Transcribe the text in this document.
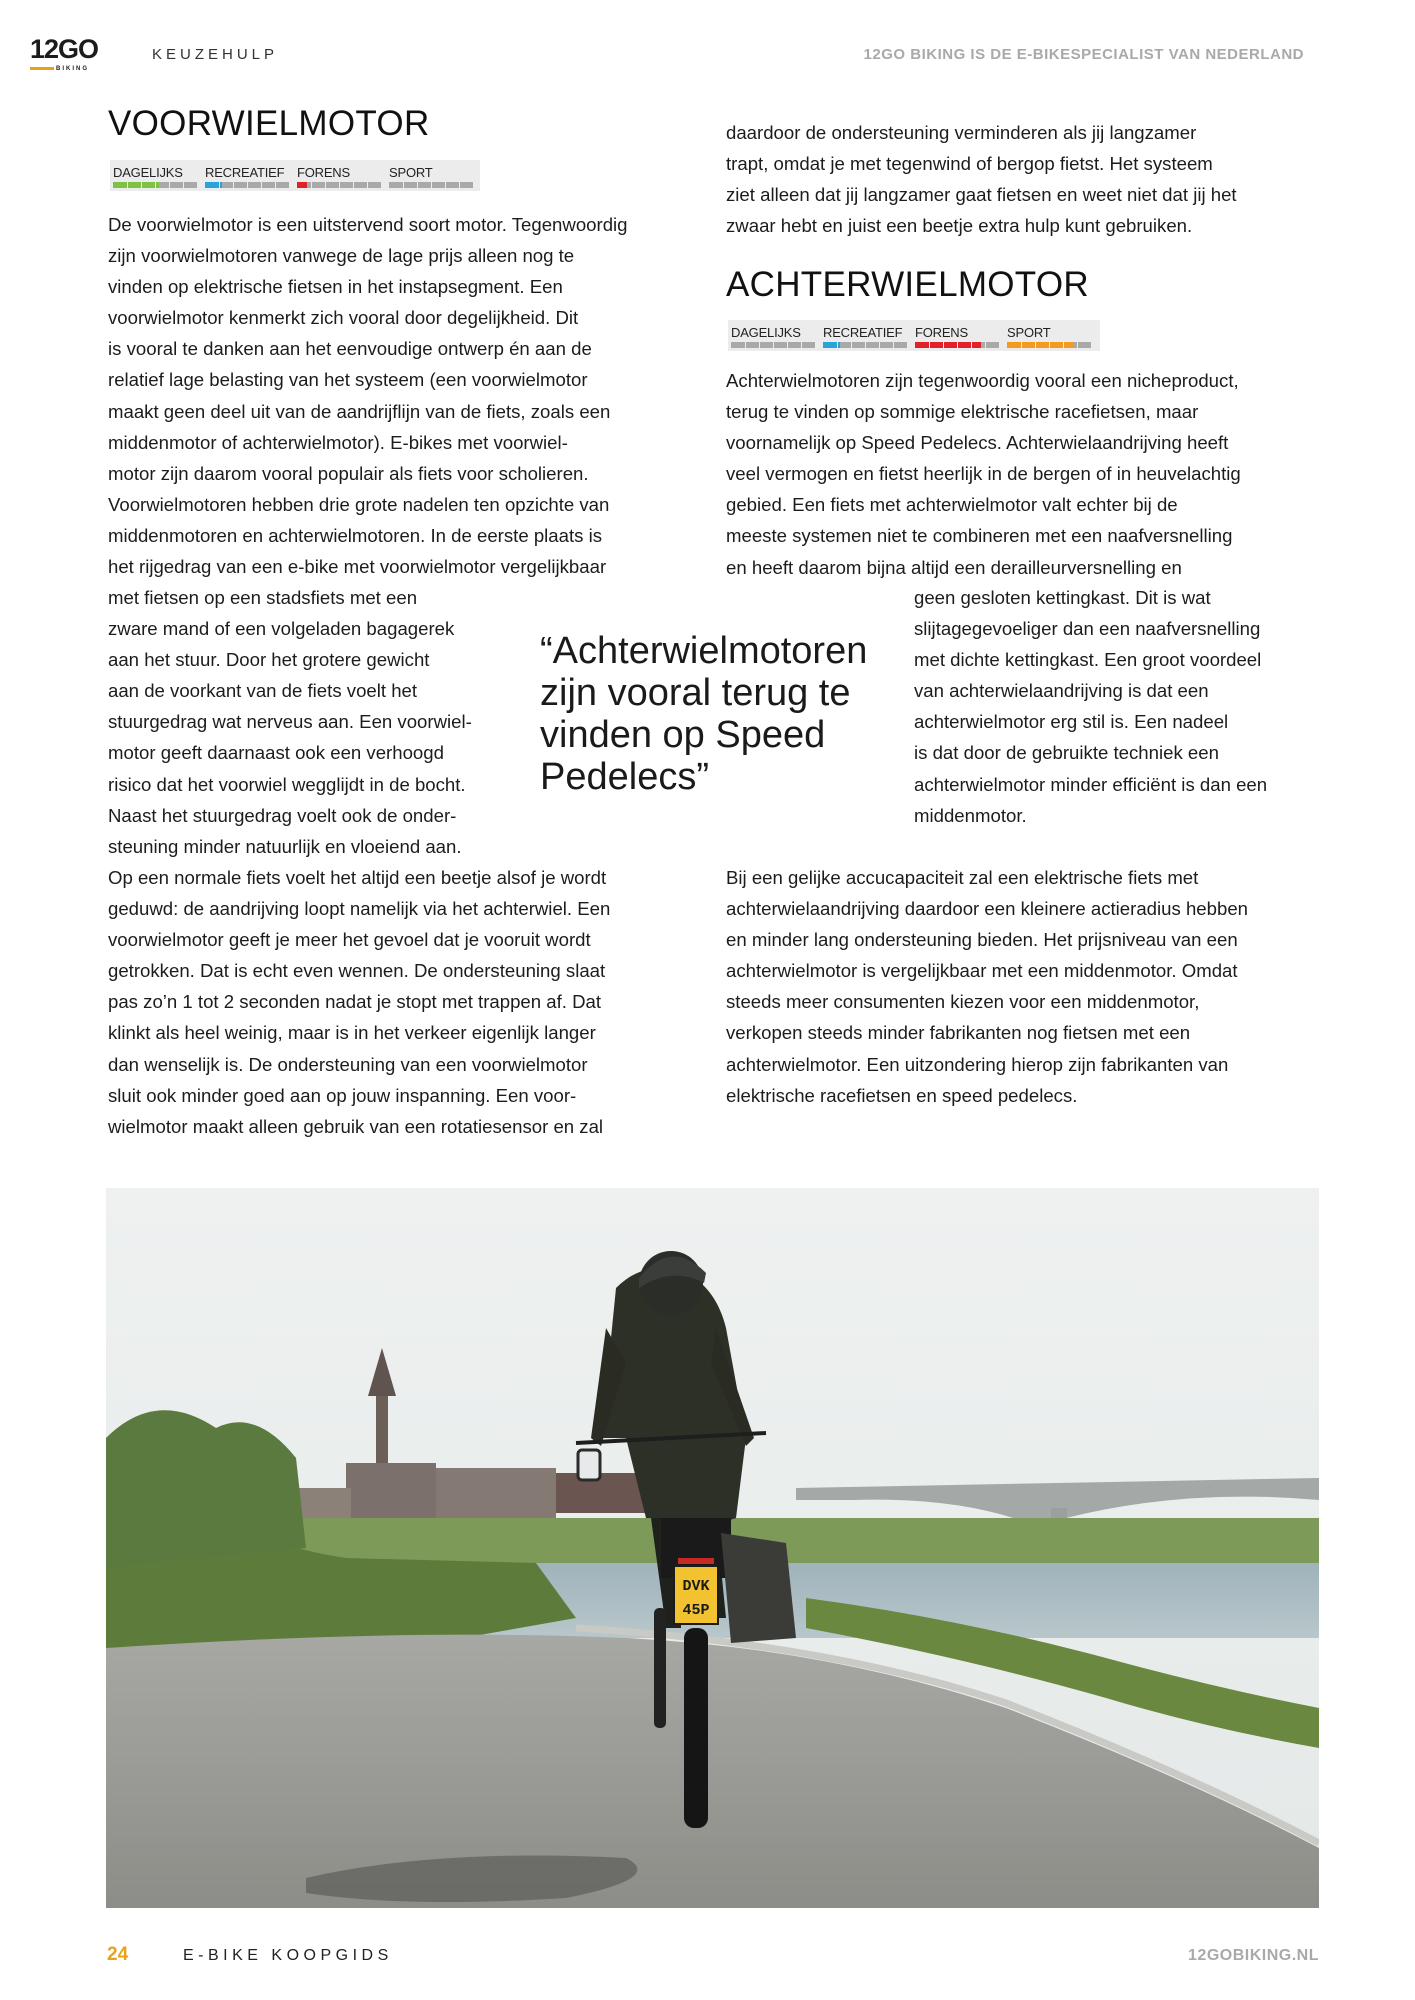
12GO
BIKING
KEUZEHULP	12GO BIKING IS DE E-BIKESPECIALIST VAN NEDERLAND
VOORWIELMOTOR
DAGELIJKS RECREATIEF FORENS	SPORT
De voorwielmotor is een uitstervend soort motor. Tegenwoordig
zijn voorwielmotoren vanwege de lage prijs alleen nog te
vinden op elektrische fietsen in het instapsegment. Een
voorwielmotor kenmerkt zich vooral door degelijkheid. Dit
is vooral te danken aan het eenvoudige ontwerp én aan de
relatief lage belasting van het systeem (een voorwielmotor
maakt geen deel uit van de aandrijflijn van de fiets, zoals een
middenmotor of achterwielmotor). E-bikes met voorwiel-
motor zijn daarom vooral populair als fiets voor scholieren.
Voorwielmotoren hebben drie grote nadelen ten opzichte van
middenmotoren en achterwielmotoren. In de eerste plaats is
het rijgedrag van een e-bike met voorwielmotor vergelijkbaar
met fietsen op een stadsfiets met een
zware mand of een volgeladen bagagerek
aan het stuur. Door het grotere gewicht
aan de voorkant van de fiets voelt het
stuurgedrag wat nerveus aan. Een voorwiel-
motor geeft daarnaast ook een verhoogd
risico dat het voorwiel wegglijdt in de bocht.
Naast het stuurgedrag voelt ook de onder-
steuning minder natuurlijk en vloeiend aan.
Op een normale fiets voelt het altijd een beetje alsof je wordt
geduwd: de aandrijving loopt namelijk via het achterwiel. Een
voorwielmotor geeft je meer het gevoel dat je vooruit wordt
getrokken. Dat is echt even wennen. De ondersteuning slaat
pas zo’n 1 tot 2 seconden nadat je stopt met trappen af. Dat
klinkt als heel weinig, maar is in het verkeer eigenlijk langer
dan wenselijk is. De ondersteuning van een voorwielmotor
sluit ook minder goed aan op jouw inspanning. Een voor-
wielmotor maakt alleen gebruik van een rotatiesensor en zal
“Achterwielmotoren
zijn vooral terug te
vinden op Speed
Pedelecs”
daardoor de ondersteuning verminderen als jij langzamer
trapt, omdat je met tegenwind of bergop fietst. Het systeem
ziet alleen dat jij langzamer gaat fietsen en weet niet dat jij het
zwaar hebt en juist een beetje extra hulp kunt gebruiken.
ACHTERWIELMOTOR
DAGELIJKS RECREATIEF FORENS	SPORT
Achterwielmotoren zijn tegenwoordig vooral een nicheproduct,
terug te vinden op sommige elektrische racefietsen, maar
voornamelijk op Speed Pedelecs. Achterwielaandrijving heeft
veel vermogen en fietst heerlijk in de bergen of in heuvelachtig
gebied. Een fiets met achterwielmotor valt echter bij de
meeste systemen niet te combineren met een naafversnelling
en heeft daarom bijna altijd een derailleurversnelling en
geen gesloten kettingkast. Dit is wat
slijtagegevoeliger dan een naafversnelling
met dichte kettingkast. Een groot voordeel
van achterwielaandrijving is dat een
achterwielmotor erg stil is. Een nadeel
is dat door de gebruikte techniek een
achterwielmotor minder efficiënt is dan een
middenmotor.
Bij een gelijke accucapaciteit zal een elektrische fiets met
achterwielaandrijving daardoor een kleinere actieradius hebben
en minder lang ondersteuning bieden. Het prijsniveau van een
achterwielmotor is vergelijkbaar met een middenmotor. Omdat
steeds meer consumenten kiezen voor een middenmotor,
verkopen steeds minder fabrikanten nog fietsen met een
achterwielmotor. Een uitzondering hierop zijn fabrikanten van
elektrische racefietsen en speed pedelecs.
DVK
45P
24	E-BIKE KOOPGIDS	12GOBIKING.NL
